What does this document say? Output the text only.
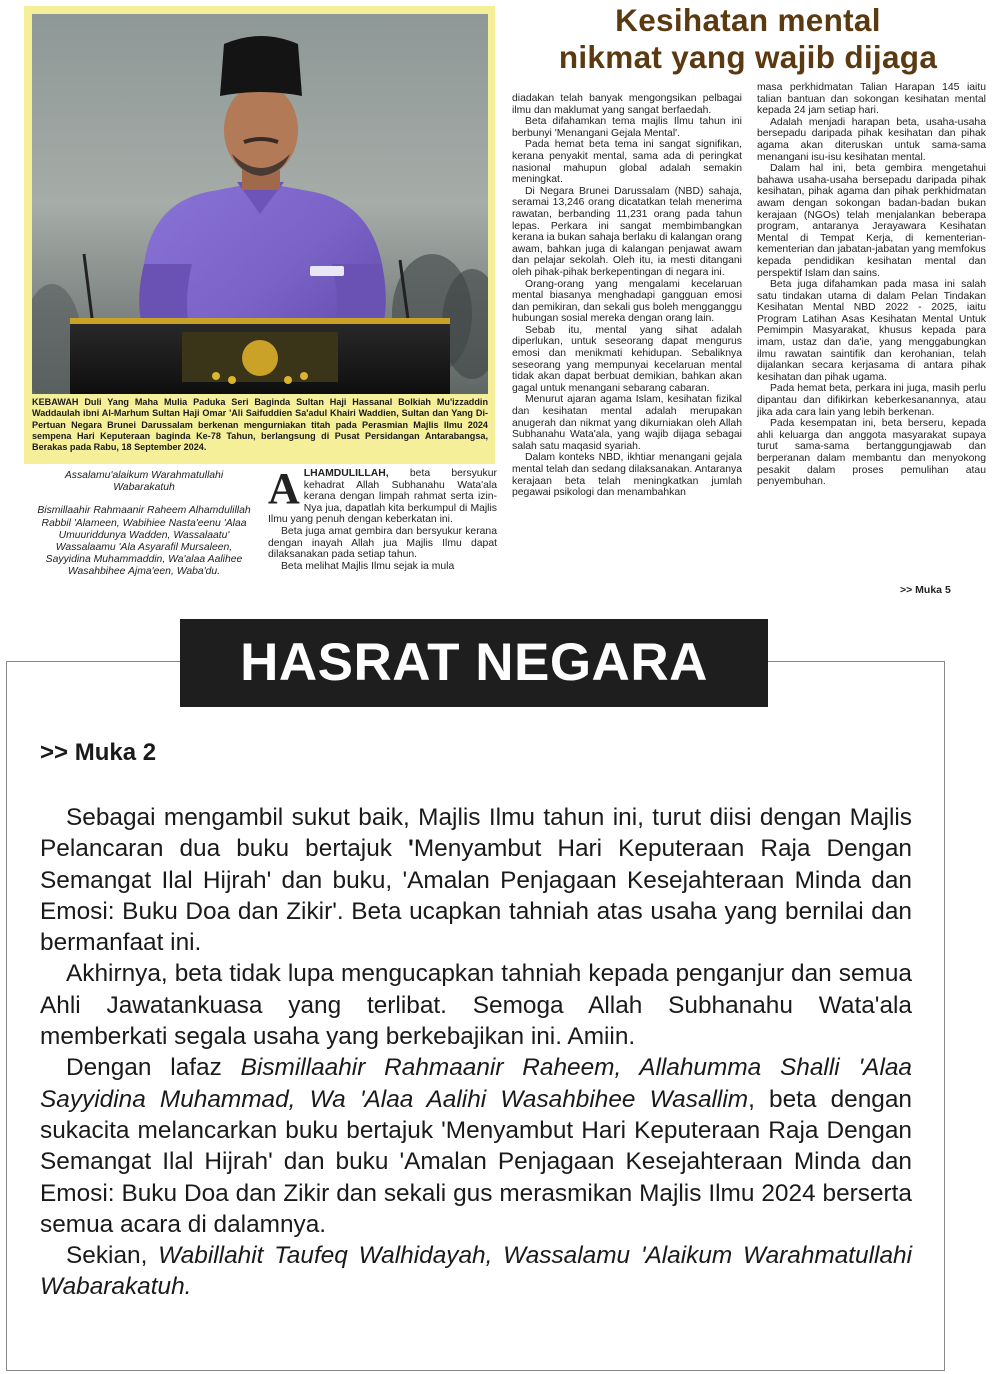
KEBAWAH Duli Yang Maha Mulia Paduka Seri Baginda Sultan Haji Hassanal Bolkiah Mu'izzaddin Waddaulah ibni Al-Marhum Sultan Haji Omar 'Ali Saifuddien Sa'adul Khairi Waddien, Sultan dan Yang Di-Pertuan Negara Brunei Darussalam berkenan mengurniakan titah pada Perasmian Majlis Ilmu 2024 sempena Hari Keputeraan baginda Ke-78 Tahun, berlangsung di Pusat Persidangan Antarabangsa, Berakas pada Rabu, 18 September 2024.
Kesihatan mental
nikmat yang wajib dijaga

Assalamu'alaikum Warahmatullahi Wabarakatuh

Bismillaahir Rahmaanir Raheem Alhamdulillah Rabbil 'Alameen, Wabihiee Nasta'eenu 'Alaa Umuuriddunya Wadden, Wassalaatu' Wassalaamu 'Ala Asyarafil Mursaleen, Sayyidina Muhammaddin, Wa'alaa Aalihee Wasahbihee Ajma'een, Waba'du.

ALHAMDULILLAH, beta bersyukur kehadrat Allah Subhanahu Wata'ala kerana dengan limpah rahmat serta izin-Nya jua, dapatlah kita berkumpul di Majlis Ilmu yang penuh dengan keberkatan ini.

Beta juga amat gembira dan bersyukur kerana dengan inayah Allah jua Majlis Ilmu dapat dilaksanakan pada setiap tahun.

Beta melihat Majlis Ilmu sejak ia mula

diadakan telah banyak mengongsikan pelbagai ilmu dan maklumat yang sangat berfaedah.

Beta difahamkan tema majlis Ilmu tahun ini berbunyi 'Menangani Gejala Mental'.

Pada hemat beta tema ini sangat signifikan, kerana penyakit mental, sama ada di peringkat nasional mahupun global adalah semakin meningkat.

Di Negara Brunei Darussalam (NBD) sahaja, seramai 13,246 orang dicatatkan telah menerima rawatan, berbanding 11,231 orang pada tahun lepas. Perkara ini sangat membimbangkan kerana ia bukan sahaja berlaku di kalangan orang awam, bahkan juga di kalangan penjawat awam dan pelajar sekolah. Oleh itu, ia mesti ditangani oleh pihak-pihak berkepentingan di negara ini.

Orang-orang yang mengalami kecelaruan mental biasanya menghadapi gangguan emosi dan pemikiran, dan sekali gus boleh mengganggu hubungan sosial mereka dengan orang lain.

Sebab itu, mental yang sihat adalah diperlukan, untuk seseorang dapat mengurus emosi dan menikmati kehidupan. Sebaliknya seseorang yang mempunyai kecelaruan mental tidak akan dapat berbuat demikian, bahkan akan gagal untuk menangani sebarang cabaran.

Menurut ajaran agama Islam, kesihatan fizikal dan kesihatan mental adalah merupakan anugerah dan nikmat yang dikurniakan oleh Allah Subhanahu Wata'ala, yang wajib dijaga sebagai salah satu maqasid syariah.

Dalam konteks NBD, ikhtiar menangani gejala mental telah dan sedang dilaksanakan. Antaranya kerajaan beta telah meningkatkan jumlah pegawai psikologi dan menambahkan

masa perkhidmatan Talian Harapan 145 iaitu talian bantuan dan sokongan kesihatan mental kepada 24 jam setiap hari.

Adalah menjadi harapan beta, usaha-usaha bersepadu daripada pihak kesihatan dan pihak agama akan diteruskan untuk sama-sama menangani isu-isu kesihatan mental.

Dalam hal ini, beta gembira mengetahui bahawa usaha-usaha bersepadu daripada pihak kesihatan, pihak agama dan pihak perkhidmatan awam dengan sokongan badan-badan bukan kerajaan (NGOs) telah menjalankan beberapa program, antaranya Jerayawara Kesihatan Mental di Tempat Kerja, di kementerian-kementerian dan jabatan-jabatan yang memfokus kepada pendidikan kesihatan mental dan perspektif Islam dan sains.

Beta juga difahamkan pada masa ini salah satu tindakan utama di dalam Pelan Tindakan Kesihatan Mental NBD 2022 - 2025, iaitu Program Latihan Asas Kesihatan Mental Untuk Pemimpin Masyarakat, khusus kepada para imam, ustaz dan da'ie, yang menggabungkan ilmu rawatan saintifik dan kerohanian, telah dijalankan secara kerjasama di antara pihak kesihatan dan pihak ugama.

Pada hemat beta, perkara ini juga, masih perlu dipantau dan difikirkan keberkesanannya, atau jika ada cara lain yang lebih berkenan.

Pada kesempatan ini, beta berseru, kepada ahli keluarga dan anggota masyarakat supaya turut sama-sama bertanggungjawab dan berperanan dalam membantu dan menyokong pesakit dalam proses pemulihan atau penyembuhan.

>> Muka 5
HASRAT NEGARA
>> Muka 2

Sebagai mengambil sukut baik, Majlis Ilmu tahun ini, turut diisi dengan Majlis Pelancaran dua buku bertajuk 'Menyambut Hari Keputeraan Raja Dengan Semangat Ilal Hijrah' dan buku, 'Amalan Penjagaan Kesejahteraan Minda dan Emosi: Buku Doa dan Zikir'. Beta ucapkan tahniah atas usaha yang bernilai dan bermanfaat ini.

Akhirnya, beta tidak lupa mengucapkan tahniah kepada penganjur dan semua Ahli Jawatankuasa yang terlibat. Semoga Allah Subhanahu Wata'ala memberkati segala usaha yang berkebajikan ini. Amiin.

Dengan lafaz Bismillaahir Rahmaanir Raheem, Allahumma Shalli 'Alaa Sayyidina Muhammad, Wa 'Alaa Aalihi Wasahbihee Wasallim, beta dengan sukacita melancarkan buku bertajuk 'Menyambut Hari Keputeraan Raja Dengan Semangat Ilal Hijrah' dan buku 'Amalan Penjagaan Kesejahteraan Minda dan Emosi: Buku Doa dan Zikir dan sekali gus merasmikan Majlis Ilmu 2024 berserta semua acara di dalamnya.

Sekian, Wabillahit Taufeq Walhidayah, Wassalamu 'Alaikum Warahmatullahi Wabarakatuh.
